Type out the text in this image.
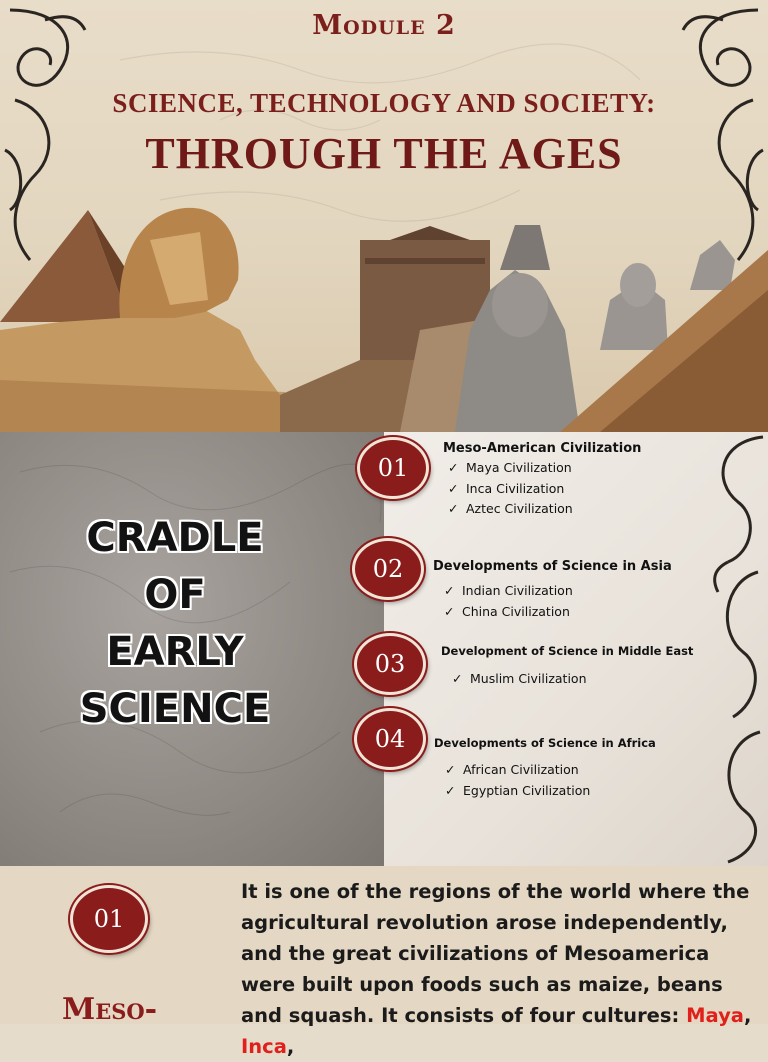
Module 2
SCIENCE, TECHNOLOGY AND SOCIETY:
THROUGH THE AGES
CRADLE
OF
EARLY
SCIENCE
01
Meso-American Civilization
✓ Maya Civilization
✓ Inca Civilization
✓ Aztec Civilization
02	Developments of Science in Asia
✓ Indian Civilization
✓ China Civilization
03	Development of Science in Middle East
✓ Muslim Civilization
04	Developments of Science in Africa
✓ African Civilization
✓ Egyptian Civilization
01
Meso-

It is one of the regions of the world where the agricultural revolution arose independently, and the great civilizations of Mesoamerica were built upon foods such as maize, beans and squash. It consists of four cultures: Maya, Inca,
